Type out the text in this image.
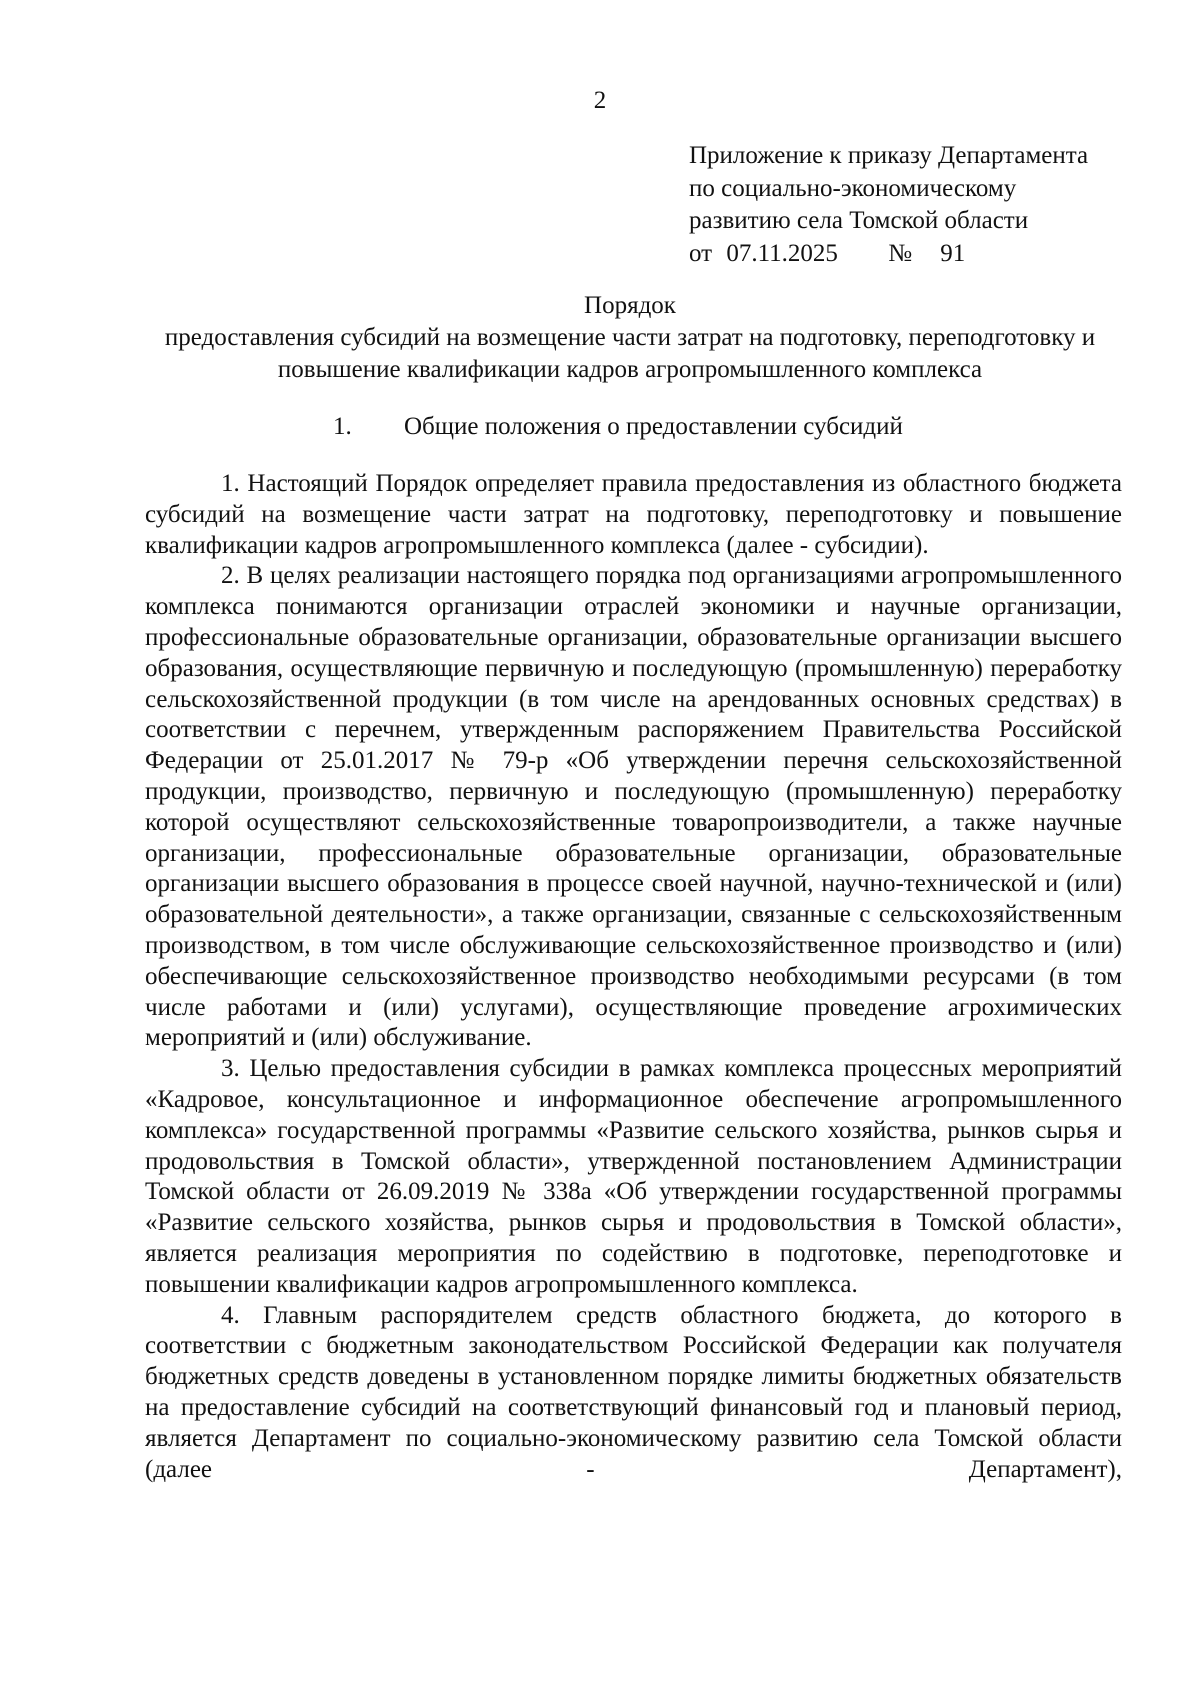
2
Приложение к приказу Департамента
по социально-экономическому
развитию села Томской области
от 07.11.2025 № 91
Порядок
предоставления субсидий на возмещение части затрат на подготовку, переподготовку и повышение квалификации кадров агропромышленного комплекса
1. Общие положения о предоставлении субсидий

1. Настоящий Порядок определяет правила предоставления из областного бюджета субсидий на возмещение части затрат на подготовку, переподготовку и повышение квалификации кадров агропромышленного комплекса (далее - субсидии).

2. В целях реализации настоящего порядка под организациями агропромышленного комплекса понимаются организации отраслей экономики и научные организации, профессиональные образовательные организации, образовательные организации высшего образования, осуществляющие первичную и последующую (промышленную) переработку сельскохозяйственной продукции (в том числе на арендованных основных средствах) в соответствии с перечнем, утвержденным распоряжением Правительства Российской Федерации от 25.01.2017 № 79-р «Об утверждении перечня сельскохозяйственной продукции, производство, первичную и последующую (промышленную) переработку которой осуществляют сельскохозяйственные товаропроизводители, а также научные организации, профессиональные образовательные организации, образовательные организации высшего образования в процессе своей научной, научно-технической и (или) образовательной деятельности», а также организации, связанные с сельскохозяйственным производством, в том числе обслуживающие сельскохозяйственное производство и (или) обеспечивающие сельскохозяйственное производство необходимыми ресурсами (в том числе работами и (или) услугами), осуществляющие проведение агрохимических мероприятий и (или) обслуживание.

3. Целью предоставления субсидии в рамках комплекса процессных мероприятий «Кадровое, консультационное и информационное обеспечение агропромышленного комплекса» государственной программы «Развитие сельского хозяйства, рынков сырья и продовольствия в Томской области», утвержденной постановлением Администрации Томской области от 26.09.2019 № 338а «Об утверждении государственной программы «Развитие сельского хозяйства, рынков сырья и продовольствия в Томской области», является реализация мероприятия по содействию в подготовке, переподготовке и повышении квалификации кадров агропромышленного комплекса.

4. Главным распорядителем средств областного бюджета, до которого в соответствии с бюджетным законодательством Российской Федерации как получателя бюджетных средств доведены в установленном порядке лимиты бюджетных обязательств на предоставление субсидий на соответствующий финансовый год и плановый период, является Департамент по социально-экономическому развитию села Томской области (далее - Департамент),
